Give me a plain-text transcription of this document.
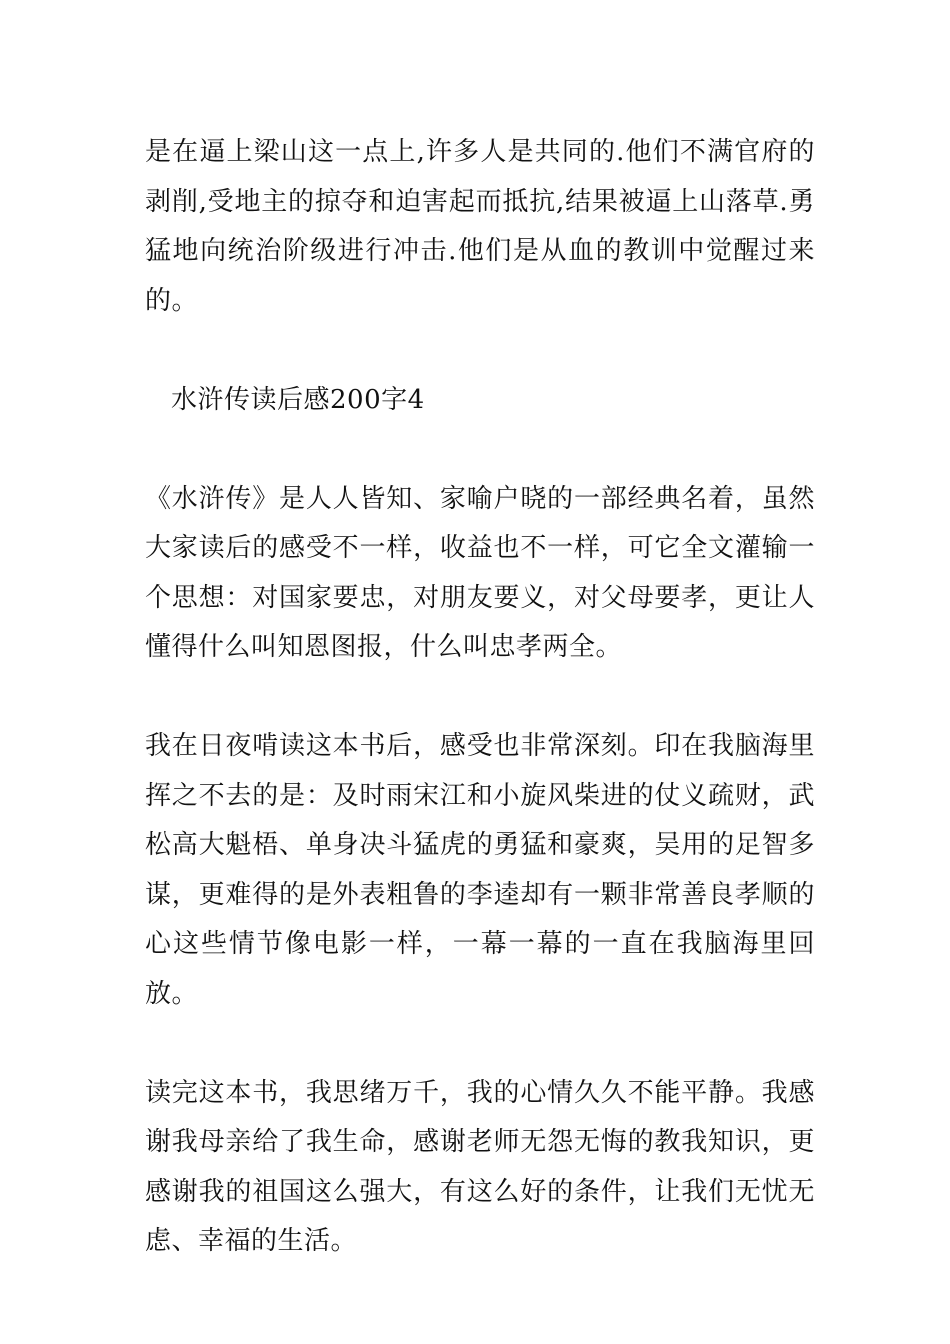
是在逼上梁山这一点上,许多人是共同的.他们不满官府的剥削,受地主的掠夺和迫害起而抵抗,结果被逼上山落草.勇猛地向统治阶级进行冲击.他们是从血的教训中觉醒过来的。

水浒传读后感200字4

《水浒传》是人人皆知、家喻户晓的一部经典名着，虽然大家读后的感受不一样，收益也不一样，可它全文灌输一个思想：对国家要忠，对朋友要义，对父母要孝，更让人懂得什么叫知恩图报，什么叫忠孝两全。

我在日夜啃读这本书后，感受也非常深刻。印在我脑海里挥之不去的是：及时雨宋江和小旋风柴进的仗义疏财，武松高大魁梧、单身决斗猛虎的勇猛和豪爽，吴用的足智多谋，更难得的是外表粗鲁的李逵却有一颗非常善良孝顺的心这些情节像电影一样，一幕一幕的一直在我脑海里回放。

读完这本书，我思绪万千，我的心情久久不能平静。我感谢我母亲给了我生命，感谢老师无怨无悔的教我知识，更感谢我的祖国这么强大，有这么好的条件，让我们无忧无虑、幸福的生活。
